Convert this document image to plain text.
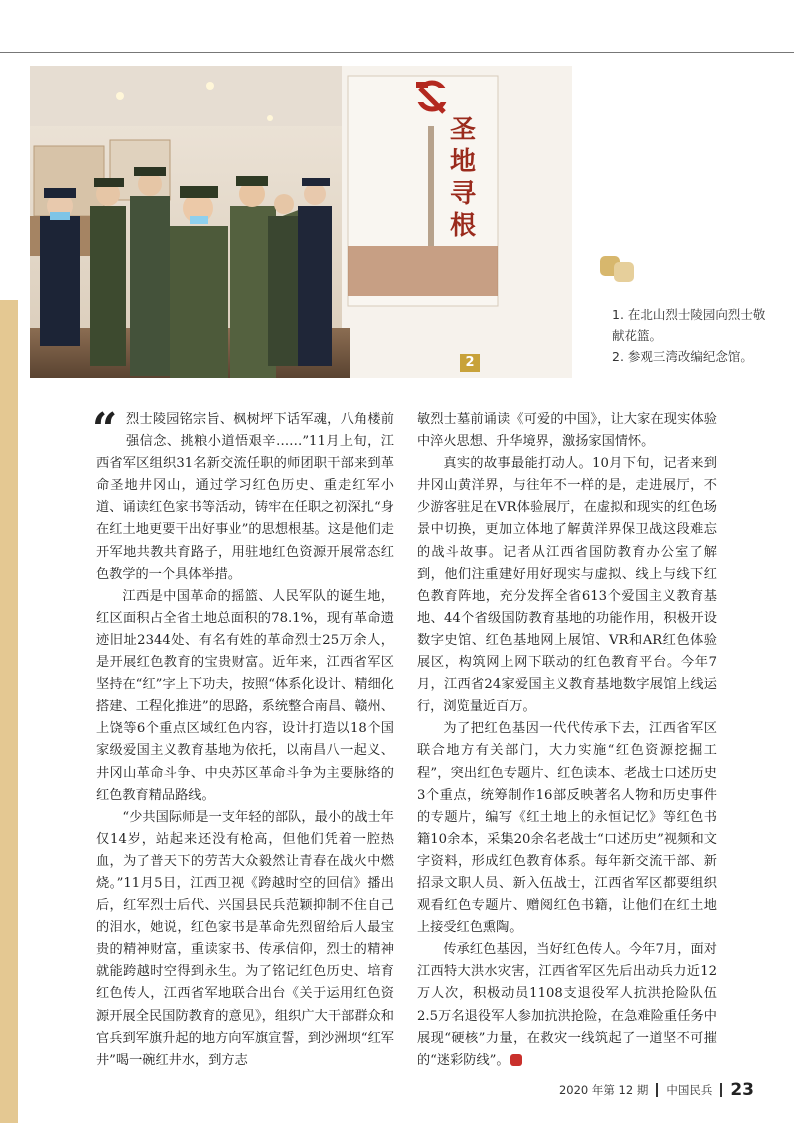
圣
地
寻
根
2

1. 在北山烈士陵园向烈士敬献花篮。

2. 参观三湾改编纪念馆。

“ 烈士陵园铭宗旨、枫树坪下话军魂，八角楼前强信念、挑粮小道悟艰辛……”11月上旬，江西省军区组织31名新交流任职的师团职干部来到革命圣地井冈山，通过学习红色历史、重走红军小道、诵读红色家书等活动，铸牢在任职之初深扎“身在红土地更要干出好事业”的思想根基。这是他们走开军地共教共育路子，用驻地红色资源开展常态红色教学的一个具体举措。

江西是中国革命的摇篮、人民军队的诞生地，红区面积占全省土地总面积的78.1%，现有革命遗迹旧址2344处、有名有姓的革命烈士25万余人，是开展红色教育的宝贵财富。近年来，江西省军区坚持在“红”字上下功夫，按照“体系化设计、精细化搭建、工程化推进”的思路，系统整合南昌、赣州、上饶等6个重点区域红色内容，设计打造以18个国家级爱国主义教育基地为依托，以南昌八一起义、井冈山革命斗争、中央苏区革命斗争为主要脉络的红色教育精品路线。

“少共国际师是一支年轻的部队，最小的战士年仅14岁，站起来还没有枪高，但他们凭着一腔热血，为了普天下的劳苦大众毅然让青春在战火中燃烧。”11月5日，江西卫视《跨越时空的回信》播出后，红军烈士后代、兴国县民兵范颖抑制不住自己的泪水，她说，红色家书是革命先烈留给后人最宝贵的精神财富，重读家书、传承信仰，烈士的精神就能跨越时空得到永生。为了铭记红色历史、培育红色传人，江西省军地联合出台《关于运用红色资源开展全民国防教育的意见》，组织广大干部群众和官兵到军旗升起的地方向军旗宣誓，到沙洲坝“红军井”喝一碗红井水，到方志

敏烈士墓前诵读《可爱的中国》，让大家在现实体验中淬火思想、升华境界，激扬家国情怀。

真实的故事最能打动人。10月下旬，记者来到井冈山黄洋界，与往年不一样的是，走进展厅，不少游客驻足在VR体验展厅，在虚拟和现实的红色场景中切换，更加立体地了解黄洋界保卫战这段难忘的战斗故事。记者从江西省国防教育办公室了解到，他们注重建好用好现实与虚拟、线上与线下红色教育阵地，充分发挥全省613个爱国主义教育基地、44个省级国防教育基地的功能作用，积极开设数字史馆、红色基地网上展馆、VR和AR红色体验展区，构筑网上网下联动的红色教育平台。今年7月，江西省24家爱国主义教育基地数字展馆上线运行，浏览量近百万。

为了把红色基因一代代传承下去，江西省军区联合地方有关部门，大力实施“红色资源挖掘工程”，突出红色专题片、红色读本、老战士口述历史3个重点，统筹制作16部反映著名人物和历史事件的专题片，编写《红土地上的永恒记忆》等红色书籍10余本，采集20余名老战士“口述历史”视频和文字资料，形成红色教育体系。每年新交流干部、新招录文职人员、新入伍战士，江西省军区都要组织观看红色专题片、赠阅红色书籍，让他们在红土地上接受红色熏陶。

传承红色基因，当好红色传人。今年7月，面对江西特大洪水灾害，江西省军区先后出动兵力近12万人次，积极动员1108支退役军人抗洪抢险队伍2.5万名退役军人参加抗洪抢险，在急难险重任务中展现“硬核”力量，在救灾一线筑起了一道坚不可摧的“迷彩防线”。	◆

2020 年第 12 期 中国民兵 23
